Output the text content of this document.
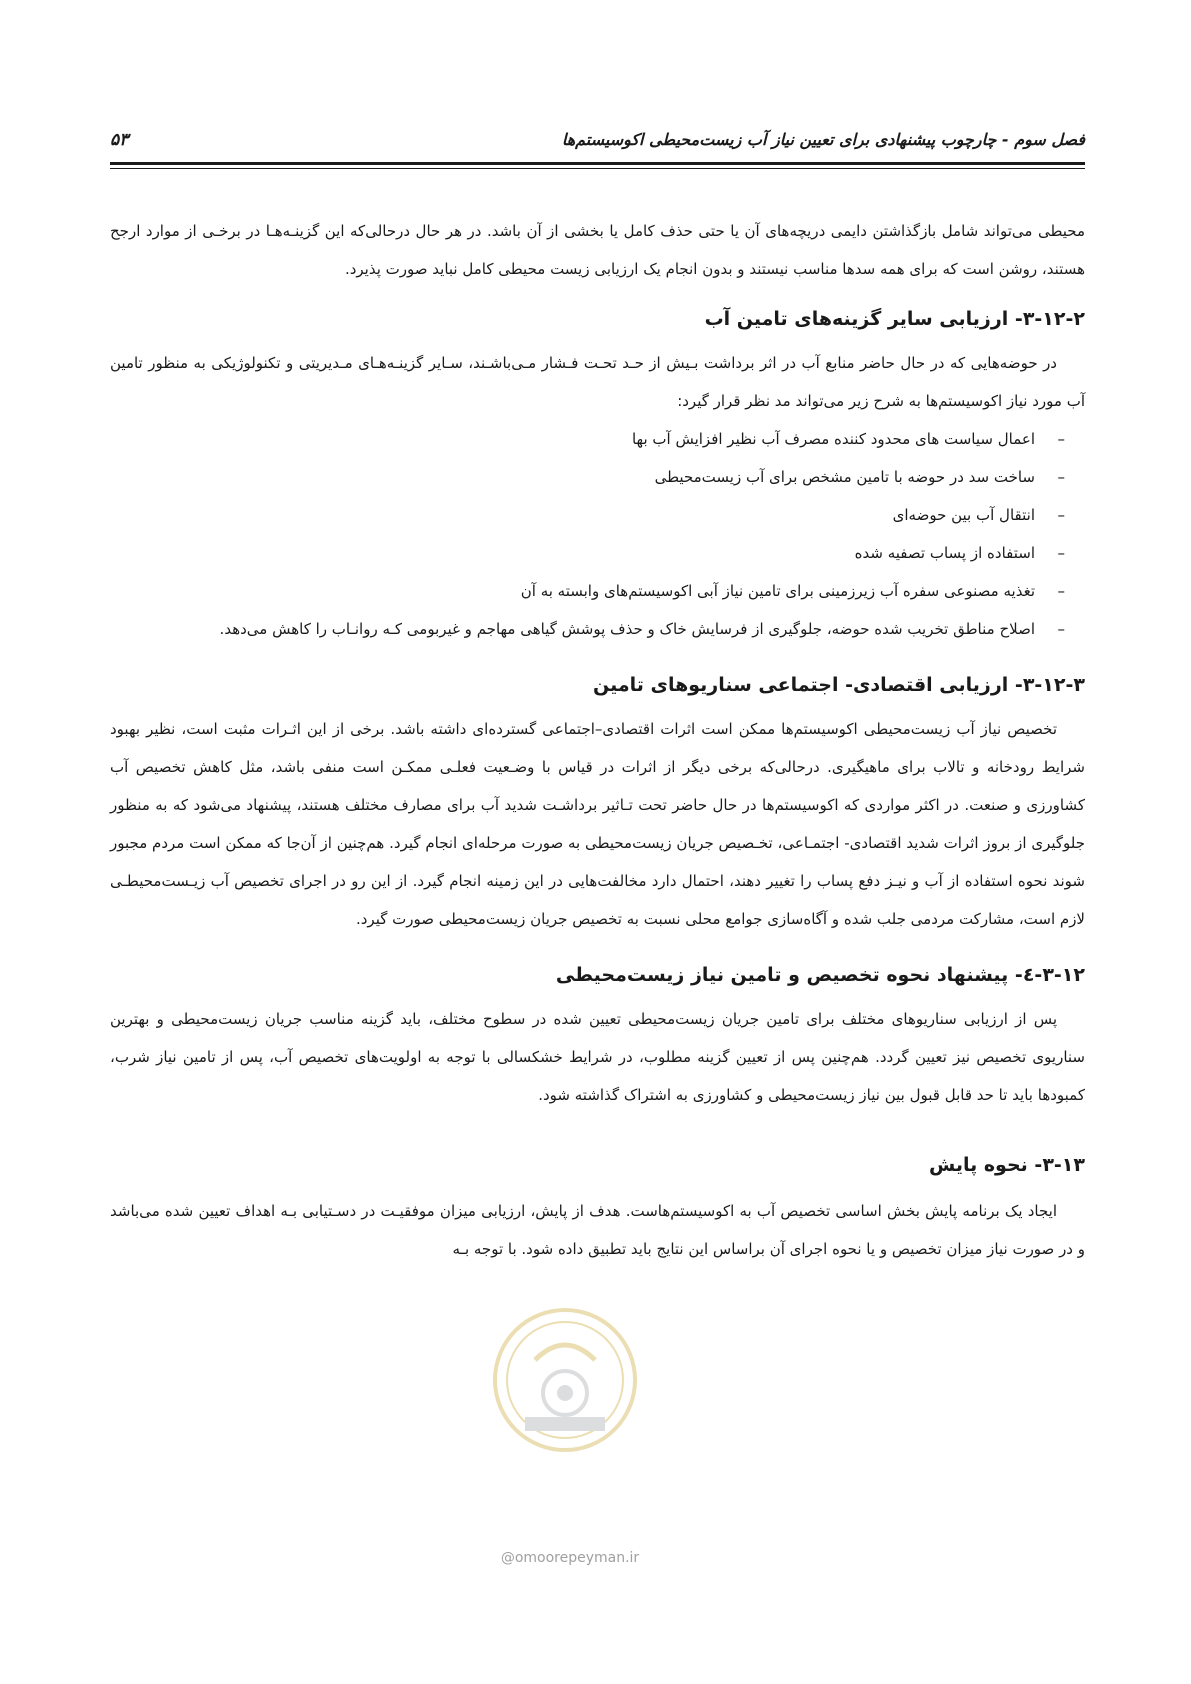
فصل سوم - چارچوب پیشنهادی برای تعیین نیاز آب زیست‌محیطی اکوسیستم‌ها
۵۳

محیطی می‌تواند شامل بازگذاشتن دایمی دریچه‌های آن یا حتی حذف کامل یا بخشی از آن باشد. در هر حال درحالی‌که این گزینـه‌هـا در برخـی از موارد ارجح هستند، روشن است که برای همه سدها مناسب نیستند و بدون انجام یک ارزیابی زیست محیطی کامل نباید صورت پذیرد.

۳-۱۲-۲- ارزیابی سایر گزینه‌های تامین آب

در حوضه‌هایی که در حال حاضر منابع آب در اثر برداشت بـیش از حـد تحـت فـشار مـی‌باشـند، سـایر گزینـه‌هـای مـدیریتی و تکنولوژیکی به منظور تامین آب مورد نیاز اکوسیستم‌ها به شرح زیر می‌تواند مد نظر قرار گیرد:

–
اعمال سیاست های محدود کننده مصرف آب نظیر افزایش آب بها
–
ساخت سد در حوضه با تامین مشخص برای آب زیست‌محیطی
–
انتقال آب بین حوضه‌ای
–
استفاده از پساب تصفیه شده
–
تغذیه مصنوعی سفره آب زیرزمینی برای تامین نیاز آبی اکوسیستم‌های وابسته به آن
–
اصلاح مناطق تخریب شده حوضه، جلوگیری از فرسایش خاک و حذف پوشش گیاهی مهاجم و غیربومی کـه روانـاب را کاهش می‌دهد.
۳-۱۲-۳- ارزیابی اقتصادی- اجتماعی سناریوهای تامین

تخصیص نیاز آب زیست‌محیطی اکوسیستم‌ها ممکن است اثرات اقتصادی–اجتماعی گسترده‌ای داشته باشد. برخی از این اثـرات مثبت است، نظیر بهبود شرایط رودخانه و تالاب برای ماهیگیری. درحالی‌که برخی دیگر از اثرات در قیاس با وضـعیت فعلـی ممکـن است منفی باشد، مثل کاهش تخصیص آب کشاورزی و صنعت. در اکثر مواردی که اکوسیستم‌ها در حال حاضر تحت تـاثیر برداشـت شدید آب برای مصارف مختلف هستند، پیشنهاد می‌شود که به منظور جلوگیری از بروز اثرات شدید اقتصادی- اجتمـاعی، تخـصیص جریان زیست‌محیطی به صورت مرحله‌ای انجام گیرد. هم‌چنین از آن‌جا که ممکن است مردم مجبور شوند نحوه استفاده از آب و نیـز دفع پساب را تغییر دهند، احتمال دارد مخالفت‌هایی در این زمینه انجام گیرد. از این رو در اجرای تخصیص آب زیـست‌محیطـی لازم است، مشارکت مردمی جلب شده و آگاه‌سازی جوامع محلی نسبت به تخصیص جریان زیست‌محیطی صورت گیرد.

۳-۱۲-٤- پیشنهاد نحوه تخصیص و تامین نیاز زیست‌محیطی

پس از ارزیابی سناریوهای مختلف برای تامین جریان زیست‌محیطی تعیین شده در سطوح مختلف، باید گزینه مناسب جریان زیست‌محیطی و بهترین سناریوی تخصیص نیز تعیین گردد. هم‌چنین پس از تعیین گزینه مطلوب، در شرایط خشکسالی با توجه به اولویت‌های تخصیص آب، پس از تامین نیاز شرب، کمبودها باید تا حد قابل قبول بین نیاز زیست‌محیطی و کشاورزی به اشتراک گذاشته شود.

۳-۱۳- نحوه پایش

ایجاد یک برنامه پایش بخش اساسی تخصیص آب به اکوسیستم‌هاست. هدف از پایش، ارزیابی میزان موفقیـت در دسـتیابی بـه اهداف تعیین شده می‌باشد و در صورت نیاز میزان تخصیص و یا نحوه اجرای آن براساس این نتایج باید تطبیق داده شود. با توجه بـه

@omoorepeyman.ir
